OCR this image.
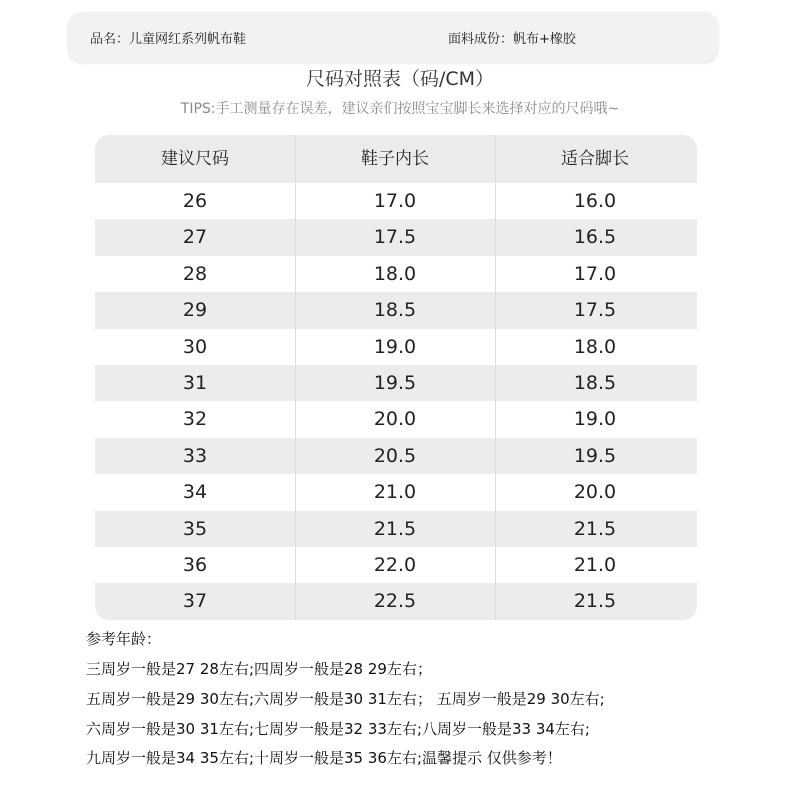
品名：儿童网红系列帆布鞋	面料成份：帆布+橡胶
尺码对照表（码/CM）
TIPS:手工测量存在误差，建议亲们按照宝宝脚长来选择对应的尺码哦~
建议尺码	鞋子内长	适合脚长
26	17.0	16.0
27	17.5	16.5
28	18.0	17.0
29	18.5	17.5
30	19.0	18.0
31	19.5	18.5
32	20.0	19.0
33	20.5	19.5
34	21.0	20.0
35	21.5	21.5
36	22.0	21.0
37	22.5	21.5
参考年龄：
三周岁一般是27 28左右;四周岁一般是28 29左右；
五周岁一般是29 30左右;六周岁一般是30 31左右； 五周岁一般是29 30左右;
六周岁一般是30 31左右;七周岁一般是32 33左右;八周岁一般是33 34左右;
九周岁一般是34 35左右;十周岁一般是35 36左右;温馨提示 仅供参考！
